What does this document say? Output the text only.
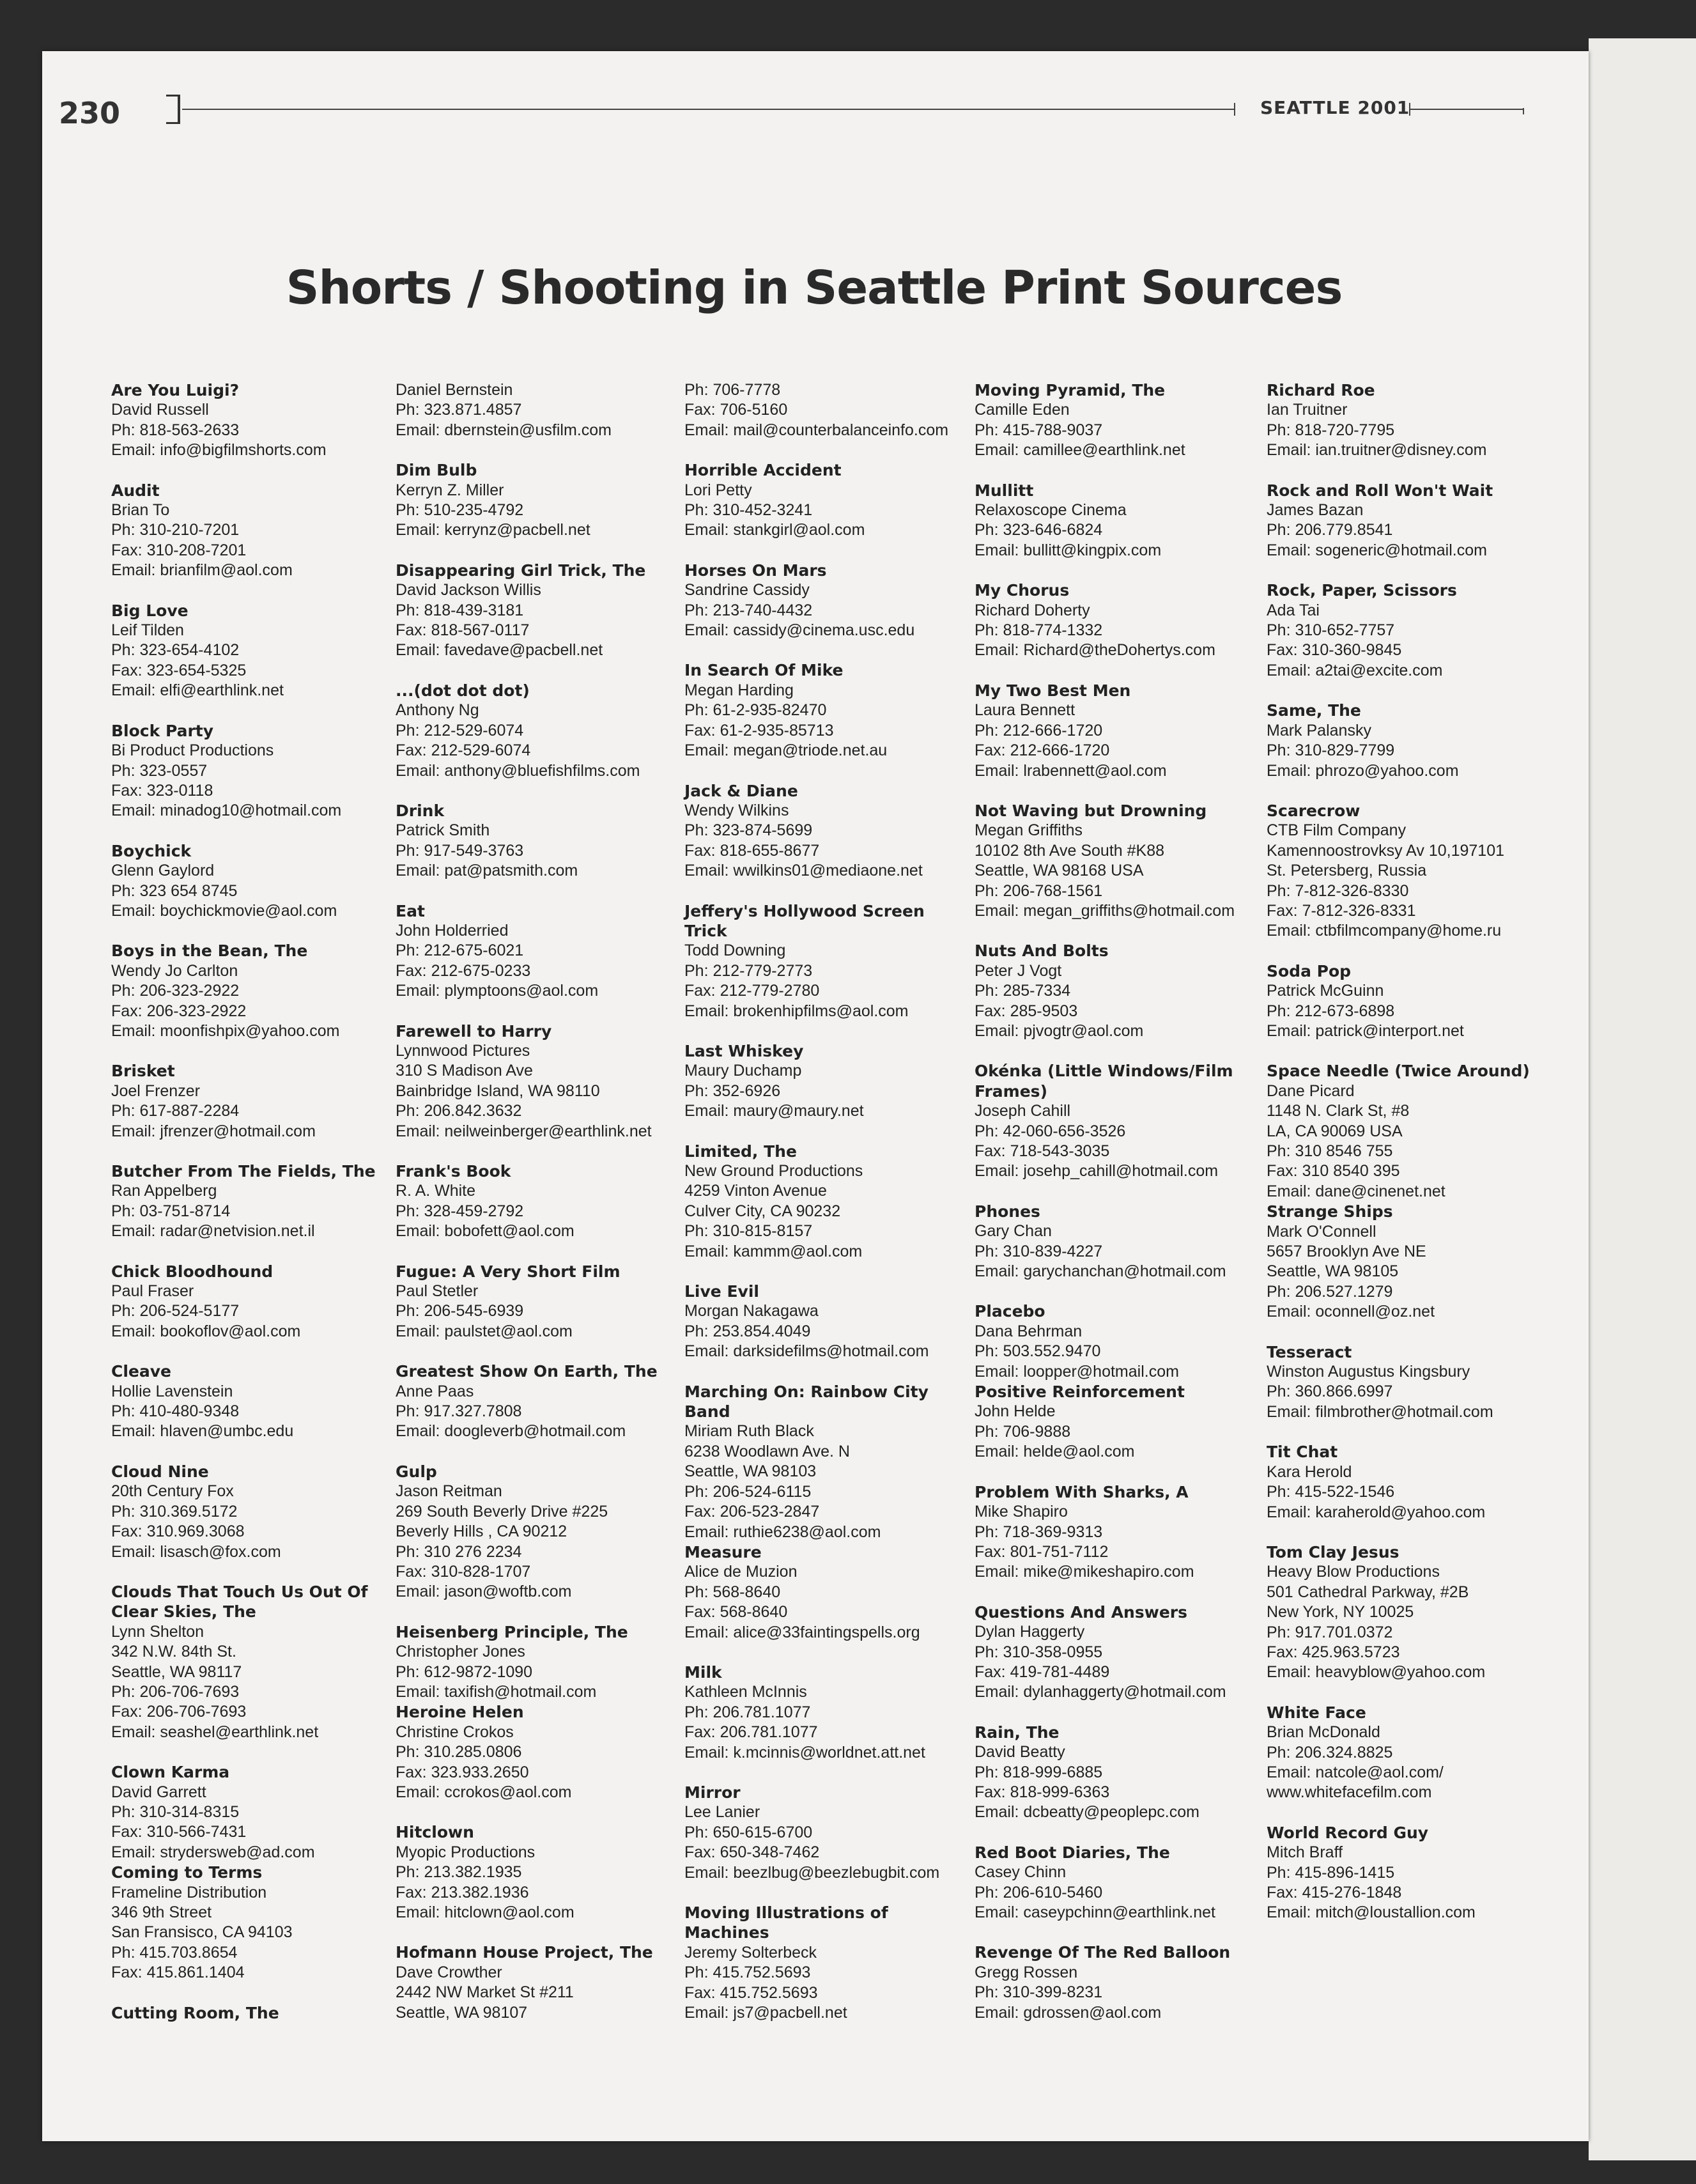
230	SEATTLE 2001
Shorts / Shooting in Seattle Print Sources
Are You Luigi?
David Russell
Ph: 818-563-2633
Email: info@bigfilmshorts.com
Audit
Brian To
Ph: 310-210-7201
Fax: 310-208-7201
Email: brianfilm@aol.com
Big Love
Leif Tilden
Ph: 323-654-4102
Fax: 323-654-5325
Email: elfi@earthlink.net
Block Party
Bi Product Productions
Ph: 323-0557
Fax: 323-0118
Email: minadog10@hotmail.com
Boychick
Glenn Gaylord
Ph: 323 654 8745
Email: boychickmovie@aol.com
Boys in the Bean, The
Wendy Jo Carlton
Ph: 206-323-2922
Fax: 206-323-2922
Email: moonfishpix@yahoo.com
Brisket
Joel Frenzer
Ph: 617-887-2284
Email: jfrenzer@hotmail.com
Butcher From The Fields, The
Ran Appelberg
Ph: 03-751-8714
Email: radar@netvision.net.il
Chick Bloodhound
Paul Fraser
Ph: 206-524-5177
Email: bookoflov@aol.com
Cleave
Hollie Lavenstein
Ph: 410-480-9348
Email: hlaven@umbc.edu
Cloud Nine
20th Century Fox
Ph: 310.369.5172
Fax: 310.969.3068
Email: lisasch@fox.com
Clouds That Touch Us Out Of Clear Skies, The
Lynn Shelton
342 N.W. 84th St.
Seattle, WA 98117
Ph: 206-706-7693
Fax: 206-706-7693
Email: seashel@earthlink.net
Clown Karma
David Garrett
Ph: 310-314-8315
Fax: 310-566-7431
Email: strydersweb@ad.com
Coming to Terms
Frameline Distribution
346 9th Street
San Fransisco, CA 94103
Ph: 415.703.8654
Fax: 415.861.1404
Cutting Room, The
Daniel Bernstein
Ph: 323.871.4857
Email: dbernstein@usfilm.com
Dim Bulb
Kerryn Z. Miller
Ph: 510-235-4792
Email: kerrynz@pacbell.net
Disappearing Girl Trick, The
David Jackson Willis
Ph: 818-439-3181
Fax: 818-567-0117
Email: favedave@pacbell.net
...(dot dot dot)
Anthony Ng
Ph: 212-529-6074
Fax: 212-529-6074
Email: anthony@bluefishfilms.com
Drink
Patrick Smith
Ph: 917-549-3763
Email: pat@patsmith.com
Eat
John Holderried
Ph: 212-675-6021
Fax: 212-675-0233
Email: plymptoons@aol.com
Farewell to Harry
Lynnwood Pictures
310 S Madison Ave
Bainbridge Island, WA 98110
Ph: 206.842.3632
Email: neilweinberger@earthlink.net
Frank's Book
R. A. White
Ph: 328-459-2792
Email: bobofett@aol.com
Fugue: A Very Short Film
Paul Stetler
Ph: 206-545-6939
Email: paulstet@aol.com
Greatest Show On Earth, The
Anne Paas
Ph: 917.327.7808
Email: doogleverb@hotmail.com
Gulp
Jason Reitman
269 South Beverly Drive #225
Beverly Hills , CA 90212
Ph: 310 276 2234
Fax: 310-828-1707
Email: jason@woftb.com
Heisenberg Principle, The
Christopher Jones
Ph: 612-9872-1090
Email: taxifish@hotmail.com
Heroine Helen
Christine Crokos
Ph: 310.285.0806
Fax: 323.933.2650
Email: ccrokos@aol.com
Hitclown
Myopic Productions
Ph: 213.382.1935
Fax: 213.382.1936
Email: hitclown@aol.com
Hofmann House Project, The
Dave Crowther
2442 NW Market St #211
Seattle, WA 98107
Ph: 706-7778
Fax: 706-5160
Email: mail@counterbalanceinfo.com
Horrible Accident
Lori Petty
Ph: 310-452-3241
Email: stankgirl@aol.com
Horses On Mars
Sandrine Cassidy
Ph: 213-740-4432
Email: cassidy@cinema.usc.edu
In Search Of Mike
Megan Harding
Ph: 61-2-935-82470
Fax: 61-2-935-85713
Email: megan@triode.net.au
Jack & Diane
Wendy Wilkins
Ph: 323-874-5699
Fax: 818-655-8677
Email: wwilkins01@mediaone.net
Jeffery's Hollywood Screen Trick
Todd Downing
Ph: 212-779-2773
Fax: 212-779-2780
Email: brokenhipfilms@aol.com
Last Whiskey
Maury Duchamp
Ph: 352-6926
Email: maury@maury.net
Limited, The
New Ground Productions
4259 Vinton Avenue
Culver City, CA 90232
Ph: 310-815-8157
Email: kammm@aol.com
Live Evil
Morgan Nakagawa
Ph: 253.854.4049
Email: darksidefilms@hotmail.com
Marching On: Rainbow City Band
Miriam Ruth Black
6238 Woodlawn Ave. N
Seattle, WA 98103
Ph: 206-524-6115
Fax: 206-523-2847
Email: ruthie6238@aol.com
Measure
Alice de Muzion
Ph: 568-8640
Fax: 568-8640
Email: alice@33faintingspells.org
Milk
Kathleen McInnis
Ph: 206.781.1077
Fax: 206.781.1077
Email: k.mcinnis@worldnet.att.net
Mirror
Lee Lanier
Ph: 650-615-6700
Fax: 650-348-7462
Email: beezlbug@beezlebugbit.com
Moving Illustrations of Machines
Jeremy Solterbeck
Ph: 415.752.5693
Fax: 415.752.5693
Email: js7@pacbell.net
Moving Pyramid, The
Camille Eden
Ph: 415-788-9037
Email: camillee@earthlink.net
Mullitt
Relaxoscope Cinema
Ph: 323-646-6824
Email: bullitt@kingpix.com
My Chorus
Richard Doherty
Ph: 818-774-1332
Email: Richard@theDohertys.com
My Two Best Men
Laura Bennett
Ph: 212-666-1720
Fax: 212-666-1720
Email: lrabennett@aol.com
Not Waving but Drowning
Megan Griffiths
10102 8th Ave South #K88
Seattle, WA 98168 USA
Ph: 206-768-1561
Email: megan_griffiths@hotmail.com
Nuts And Bolts
Peter J Vogt
Ph: 285-7334
Fax: 285-9503
Email: pjvogtr@aol.com
Okénka (Little Windows/Film Frames)
Joseph Cahill
Ph: 42-060-656-3526
Fax: 718-543-3035
Email: josehp_cahill@hotmail.com
Phones
Gary Chan
Ph: 310-839-4227
Email: garychanchan@hotmail.com
Placebo
Dana Behrman
Ph: 503.552.9470
Email: loopper@hotmail.com
Positive Reinforcement
John Helde
Ph: 706-9888
Email: helde@aol.com
Problem With Sharks, A
Mike Shapiro
Ph: 718-369-9313
Fax: 801-751-7112
Email: mike@mikeshapiro.com
Questions And Answers
Dylan Haggerty
Ph: 310-358-0955
Fax: 419-781-4489
Email: dylanhaggerty@hotmail.com
Rain, The
David Beatty
Ph: 818-999-6885
Fax: 818-999-6363
Email: dcbeatty@peoplepc.com
Red Boot Diaries, The
Casey Chinn
Ph: 206-610-5460
Email: caseypchinn@earthlink.net
Revenge Of The Red Balloon
Gregg Rossen
Ph: 310-399-8231
Email: gdrossen@aol.com
Richard Roe
Ian Truitner
Ph: 818-720-7795
Email: ian.truitner@disney.com
Rock and Roll Won't Wait
James Bazan
Ph: 206.779.8541
Email: sogeneric@hotmail.com
Rock, Paper, Scissors
Ada Tai
Ph: 310-652-7757
Fax: 310-360-9845
Email: a2tai@excite.com
Same, The
Mark Palansky
Ph: 310-829-7799
Email: phrozo@yahoo.com
Scarecrow
CTB Film Company
Kamennoostrovksy Av 10,197101
St. Petersberg, Russia
Ph: 7-812-326-8330
Fax: 7-812-326-8331
Email: ctbfilmcompany@home.ru
Soda Pop
Patrick McGuinn
Ph: 212-673-6898
Email: patrick@interport.net
Space Needle (Twice Around)
Dane Picard
1148 N. Clark St, #8
LA, CA 90069 USA
Ph: 310 8546 755
Fax: 310 8540 395
Email: dane@cinenet.net
Strange Ships
Mark O'Connell
5657 Brooklyn Ave NE
Seattle, WA 98105
Ph: 206.527.1279
Email: oconnell@oz.net
Tesseract
Winston Augustus Kingsbury
Ph: 360.866.6997
Email: filmbrother@hotmail.com
Tit Chat
Kara Herold
Ph: 415-522-1546
Email: karaherold@yahoo.com
Tom Clay Jesus
Heavy Blow Productions
501 Cathedral Parkway, #2B
New York, NY 10025
Ph: 917.701.0372
Fax: 425.963.5723
Email: heavyblow@yahoo.com
White Face
Brian McDonald
Ph: 206.324.8825
Email: natcole@aol.com/
www.whitefacefilm.com
World Record Guy
Mitch Braff
Ph: 415-896-1415
Fax: 415-276-1848
Email: mitch@loustallion.com
